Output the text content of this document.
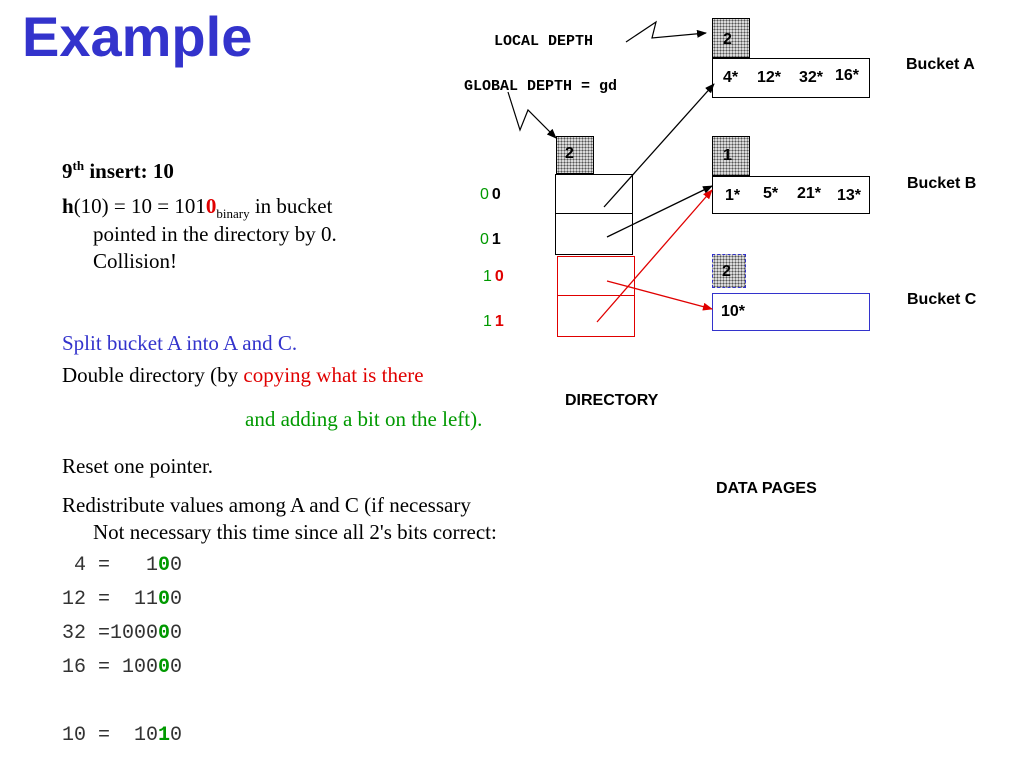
Example
9th insert: 10
$h(10) = 10 = 1010_{binary}$ in bucket
pointed in the directory by 0.
Collision!
Split bucket A into A and C.
Double directory (by copying what is there
and adding a bit on the left).
Reset one pointer.
Redistribute values among A and C (if necessary
Not necessary this time since all 2's bits correct:
4 =   100
12 =  1100
32 =100000
16 = 10000
10 =  1010
LOCAL DEPTH
GLOBAL DEPTH = gd
DIRECTORY
DATA PAGES
2
0 0
0 1
1 0
1 1
2
4* 12* 32* 16*
Bucket A
1
1* 5* 21* 13*
Bucket B
2
10*
Bucket C
